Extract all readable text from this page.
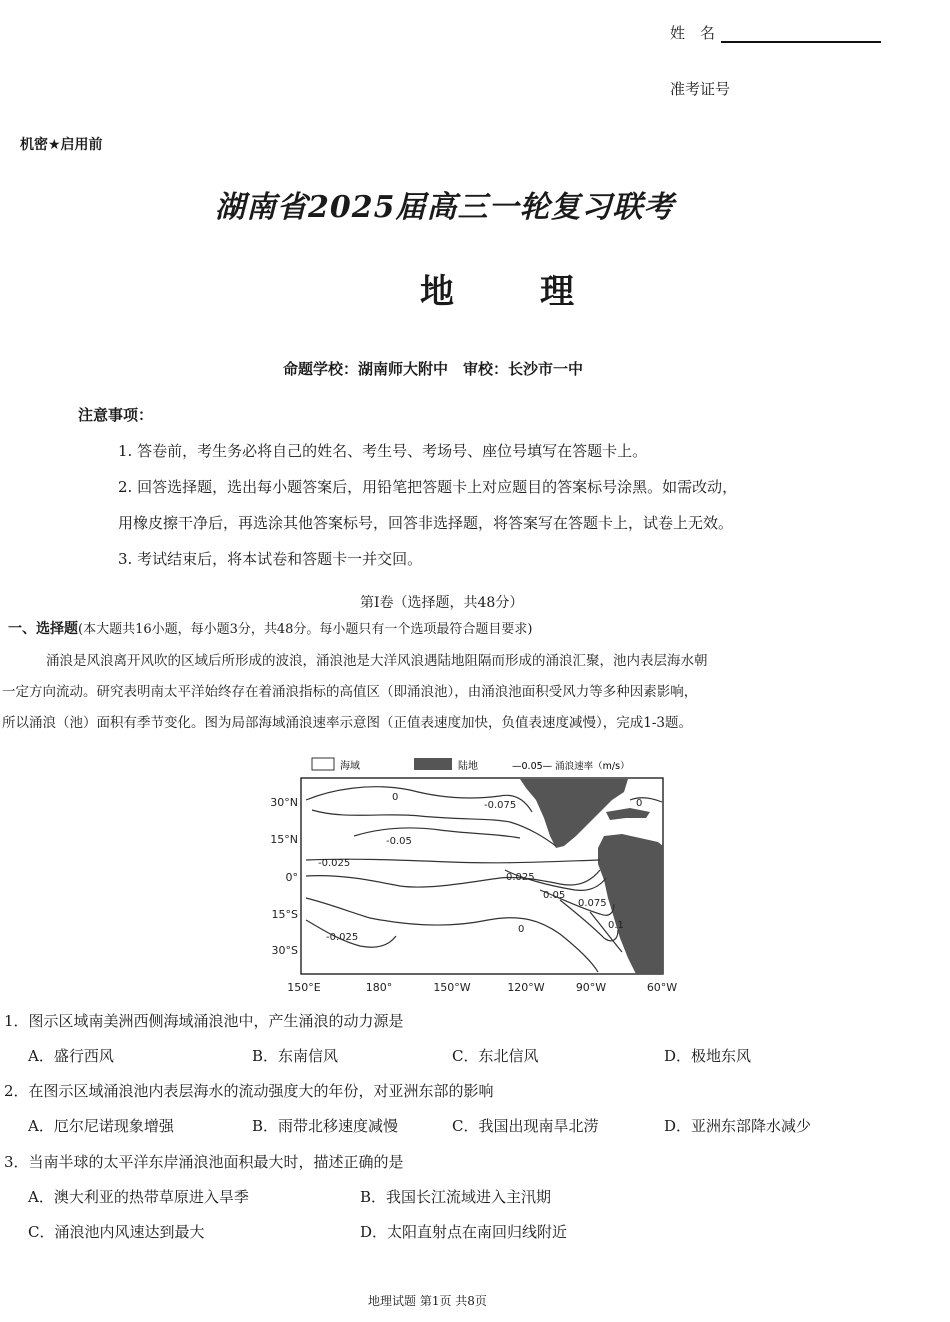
姓　名
准考证号
机密★启用前
湖南省2025届高三一轮复习联考
地　理
命题学校：湖南师大附中　审校：长沙市一中
注意事项：
1. 答卷前，考生务必将自己的姓名、考生号、考场号、座位号填写在答题卡上。
2. 回答选择题，选出每小题答案后，用铅笔把答题卡上对应题目的答案标号涂黑。如需改动，
用橡皮擦干净后，再选涂其他答案标号，回答非选择题，将答案写在答题卡上，试卷上无效。
3. 考试结束后，将本试卷和答题卡一并交回。
第Ⅰ卷（选择题，共48分）
一、选择题(本大题共16小题，每小题3分，共48分。每小题只有一个选项最符合题目要求)

涌浪是风浪离开风吹的区域后所形成的波浪，涌浪池是大洋风浪遇陆地阻隔而形成的涌浪汇聚，池内表层海水朝

一定方向流动。研究表明南太平洋始终存在着涌浪指标的高值区（即涌浪池），由涌浪池面积受风力等多种因素影响，

所以涌浪（池）面积有季节变化。图为局部海域涌浪速率示意图（正值表速度加快，负值表速度减慢），完成1-3题。

海域	陆地	—0.05— 涌浪速率（m/s）
0
-0.075	0
-0.05
-0.025
0.025
0.05
0.075
0.1
0
-0.025
30°N
15°N
0°
15°S
30°S
150°E	180°	150°W	120°W	90°W	60°W
1．图示区域南美洲西侧海域涌浪池中，产生涌浪的动力源是
A．盛行西风	B．东南信风	C．东北信风	D．极地东风
2．在图示区域涌浪池内表层海水的流动强度大的年份，对亚洲东部的影响
A．厄尔尼诺现象增强	B．雨带北移速度减慢	C．我国出现南旱北涝	D．亚洲东部降水减少
3．当南半球的太平洋东岸涌浪池面积最大时，描述正确的是
A．澳大利亚的热带草原进入旱季	B．我国长江流域进入主汛期
C．涌浪池内风速达到最大	D．太阳直射点在南回归线附近
地理试题 第1页 共8页
